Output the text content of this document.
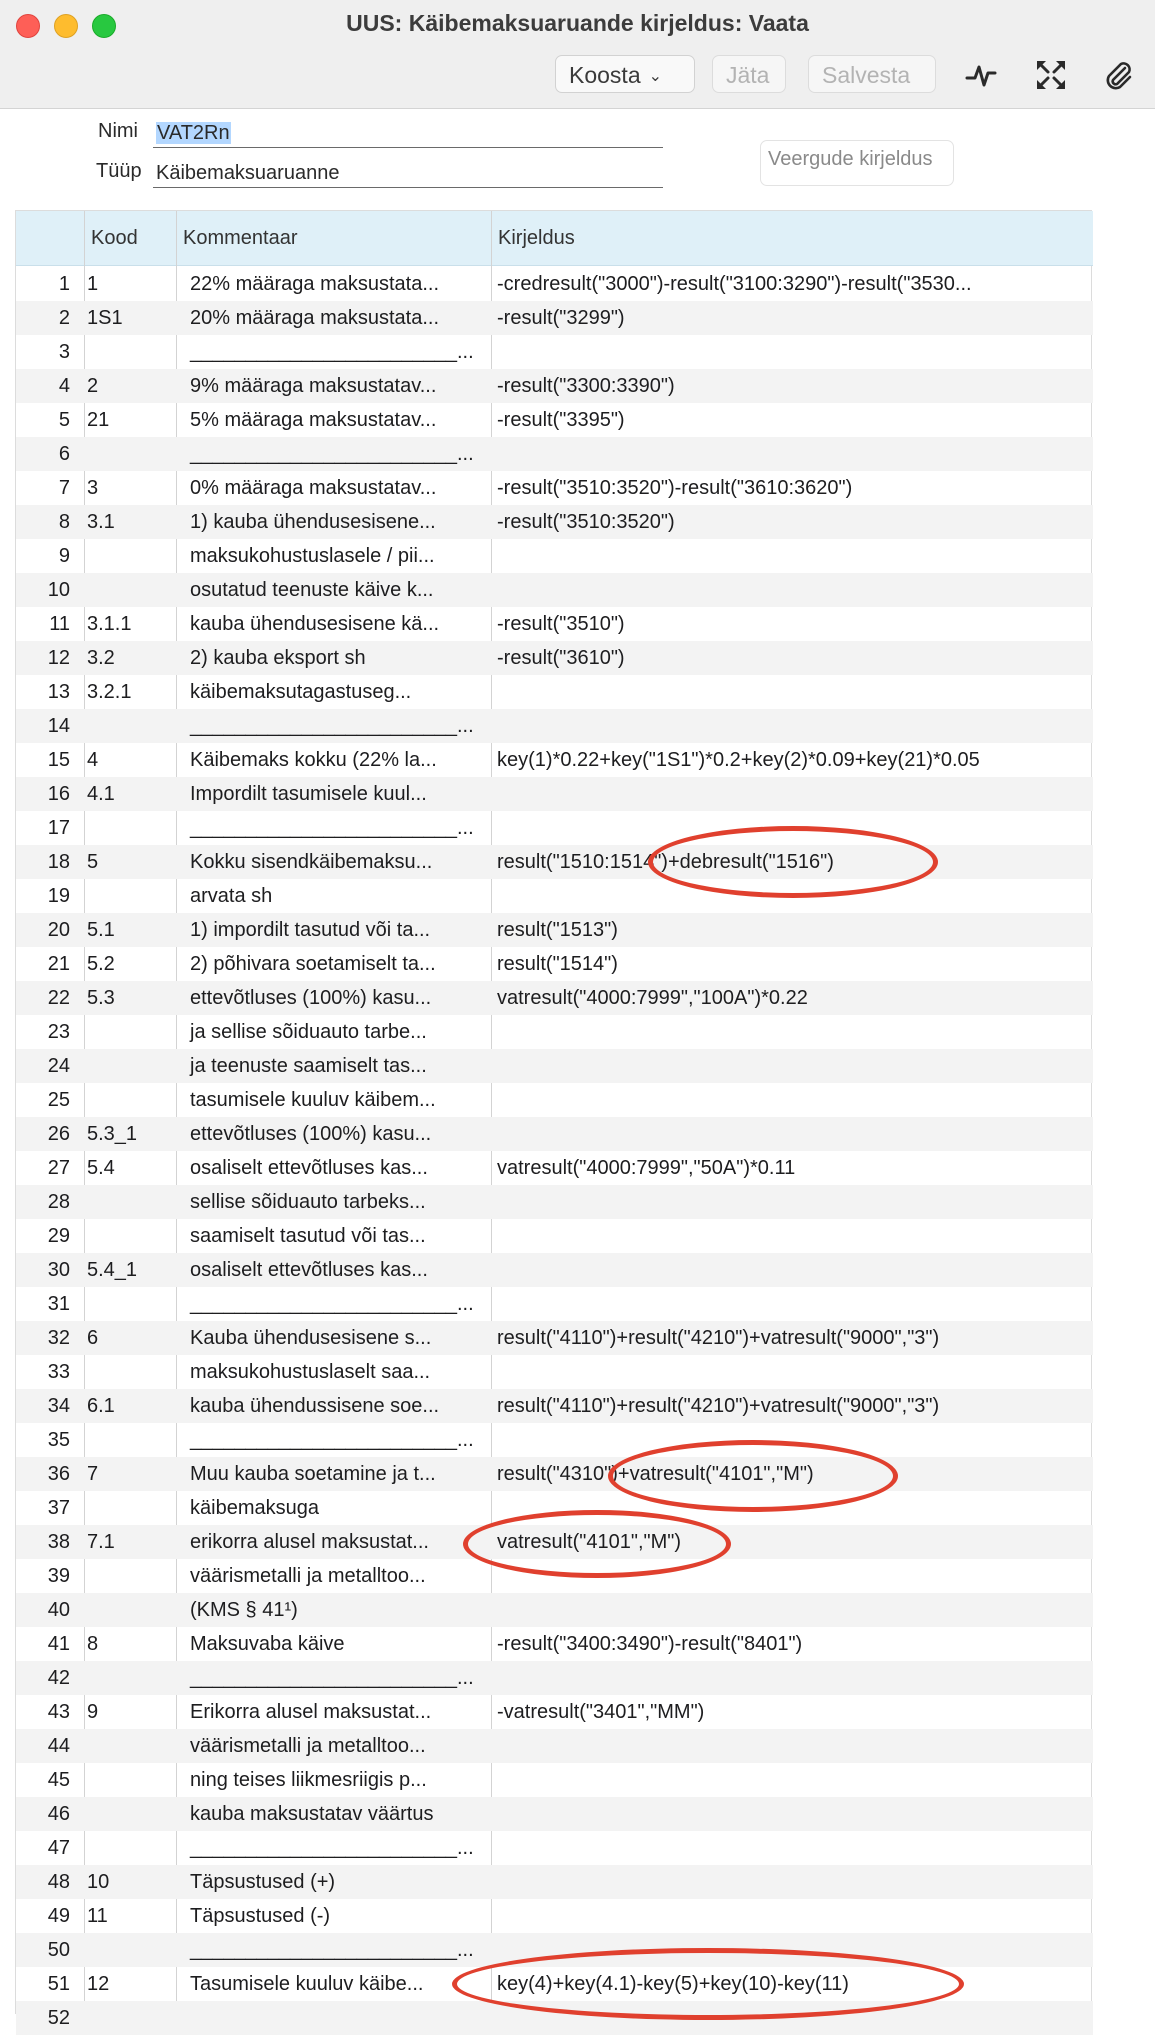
UUS: Käibemaksuaruande kirjeldus: Vaata
Koosta ⌄	Jäta	Salvesta
Nimi VAT2Rn
Tüüp Käibemaksuaruanne
Veergude kirjeldus
Kood	Kommentaar	Kirjeldus
1 1	22% määraga maksustata...	-credresult("3000")-result("3100:3290")-result("3530...
2 1S1	20% määraga maksustata...	-result("3299")
3	________________________...
4 2	9% määraga maksustatav...	-result("3300:3390")
5 21	5% määraga maksustatav...	-result("3395")
6	________________________...
7 3	0% määraga maksustatav...	-result("3510:3520")-result("3610:3620")
8 3.1	1) kauba ühendusesisene...	-result("3510:3520")
9	maksukohustuslasele / pii...
10	osutatud teenuste käive k...
11 3.1.1	kauba ühendusesisene kä...	-result("3510")
12 3.2	2) kauba eksport sh	-result("3610")
13 3.2.1	käibemaksutagastuseg...
14	________________________...
15 4	Käibemaks kokku (22% la...	key(1)*0.22+key("1S1")*0.2+key(2)*0.09+key(21)*0.05
16 4.1	Impordilt tasumisele kuul...
17	________________________...
18 5	Kokku sisendkäibemaksu...	result("1510:1514")+debresult("1516")
19	arvata sh
20 5.1	1) impordilt tasutud või ta...	result("1513")
21 5.2	2) põhivara soetamiselt ta...	result("1514")
22 5.3	ettevõtluses (100%) kasu...	vatresult("4000:7999","100A")*0.22
23	ja sellise sõiduauto tarbe...
24	ja teenuste saamiselt tas...
25	tasumisele kuuluv käibem...
26 5.3_1	ettevõtluses (100%) kasu...
27 5.4	osaliselt ettevõtluses kas...	vatresult("4000:7999","50A")*0.11
28	sellise sõiduauto tarbeks...
29	saamiselt tasutud või tas...
30 5.4_1	osaliselt ettevõtluses kas...
31	________________________...
32 6	Kauba ühendusesisene s...	result("4110")+result("4210")+vatresult("9000","3")
33	maksukohustuslaselt saa...
34 6.1	kauba ühendussisene soe...	result("4110")+result("4210")+vatresult("9000","3")
35	________________________...
36 7	Muu kauba soetamine ja t...	result("4310")+vatresult("4101","M")
37	käibemaksuga
38 7.1	erikorra alusel maksustat...	vatresult("4101","M")
39	väärismetalli ja metalltoo...
40	(KMS § 41¹)
41 8	Maksuvaba käive	-result("3400:3490")-result("8401")
42	________________________...
43 9	Erikorra alusel maksustat...	-vatresult("3401","MM")
44	väärismetalli ja metalltoo...
45	ning teises liikmesriigis p...
46	kauba maksustatav väärtus
47	________________________...
48 10	Täpsustused (+)
49 11	Täpsustused (-)
50	________________________...
51 12	Tasumisele kuuluv käibe...	key(4)+key(4.1)-key(5)+key(10)-key(11)
52
